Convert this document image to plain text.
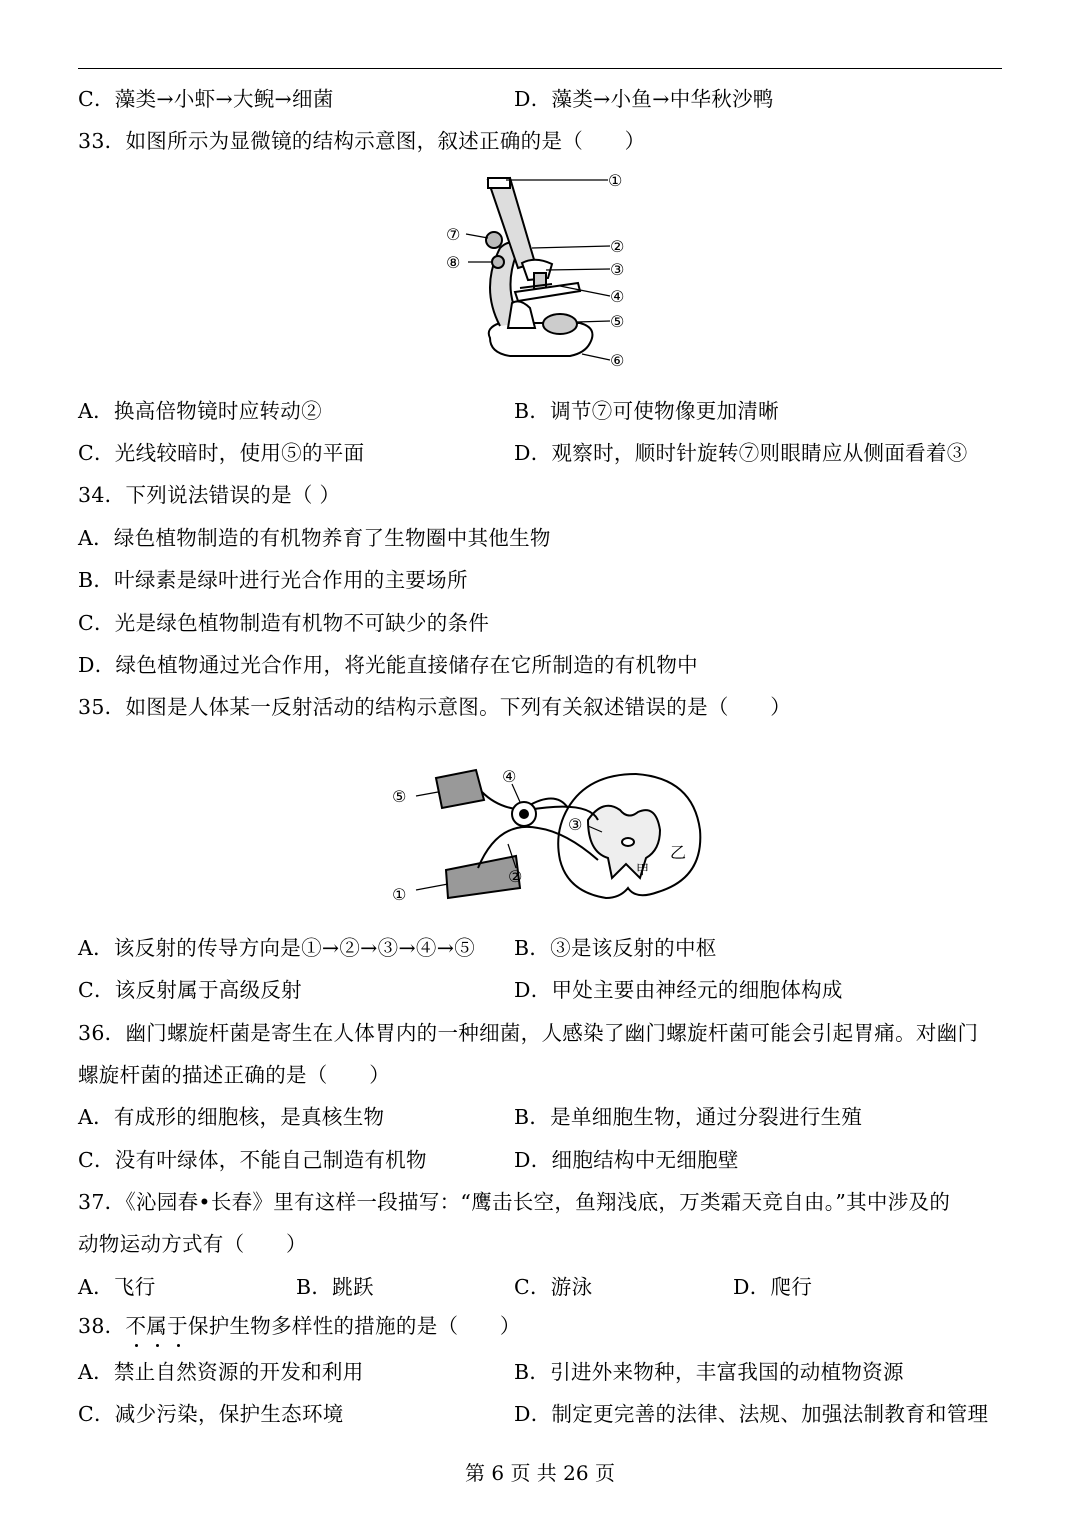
C．藻类→小虾→大鲵→细菌	D．藻类→小鱼→中华秋沙鸭
33．如图所示为显微镜的结构示意图，叙述正确的是（　　）
①
②
③
④
⑤
⑥
⑦
⑧
A．换高倍物镜时应转动②	B．调节⑦可使物像更加清晰
C．光线较暗时，使用⑤的平面	D．观察时，顺时针旋转⑦则眼睛应从侧面看着③
34．下列说法错误的是（ ）
A．绿色植物制造的有机物养育了生物圈中其他生物
B．叶绿素是绿叶进行光合作用的主要场所
C．光是绿色植物制造有机物不可缺少的条件
D．绿色植物通过光合作用，将光能直接储存在它所制造的有机物中
35．如图是人体某一反射活动的结构示意图。下列有关叙述错误的是（　　）
⑤
①
④
②
③
甲
乙
A．该反射的传导方向是①→②→③→④→⑤ B．③是该反射的中枢
C．该反射属于高级反射	D．甲处主要由神经元的细胞体构成
36．幽门螺旋杆菌是寄生在人体胃内的一种细菌，人感染了幽门螺旋杆菌可能会引起胃痛。对幽门
螺旋杆菌的描述正确的是（　　）
A．有成形的细胞核，是真核生物	B．是单细胞生物，通过分裂进行生殖
C．没有叶绿体，不能自己制造有机物	D．细胞结构中无细胞壁
37．《沁园春•长春》里有这样一段描写：“鹰击长空，鱼翔浅底，万类霜天竞自由。”其中涉及的
动物运动方式有（　　）
A．飞行	B．跳跃	C．游泳	D．爬行
38．不属于
保护生物多样性的措施的是（　　）
A．禁止自然资源的开发和利用	B．引进外来物种，丰富我国的动植物资源
C．减少污染，保护生态环境	D．制定更完善的法律、法规、加强法制教育和管理
第 6 页 共 26 页
